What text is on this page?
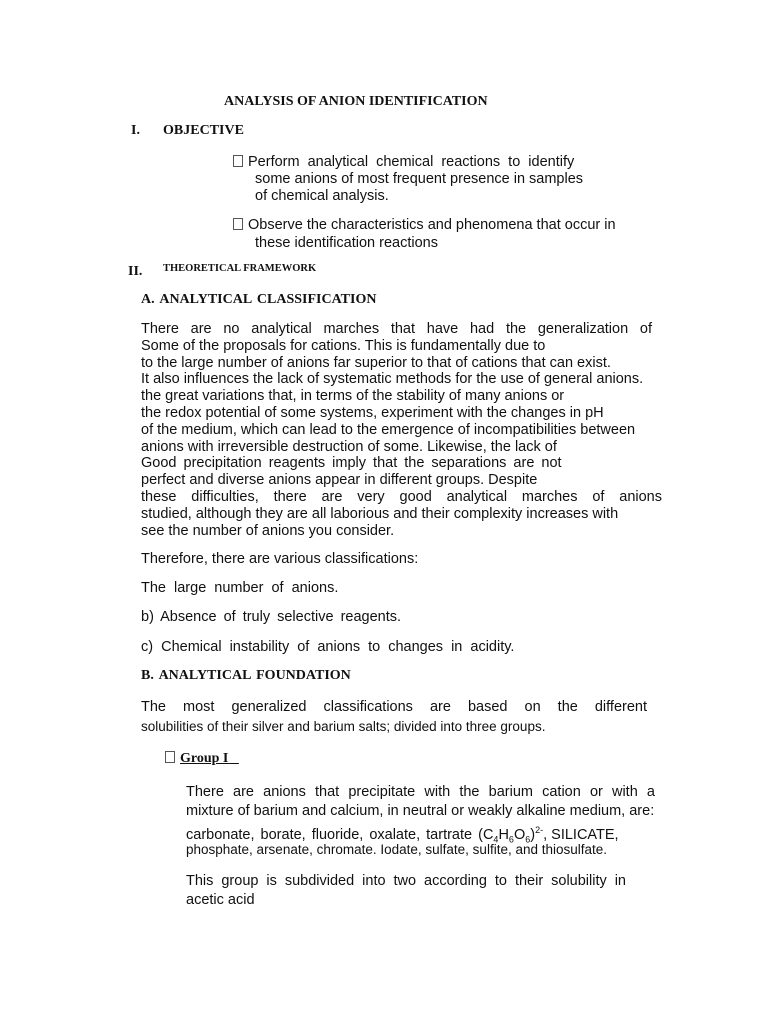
ANALYSIS OF ANION IDENTIFICATION
I. OBJECTIVE
Perform analytical chemical reactions to identify
some anions of most frequent presence in samples
of chemical analysis.
Observe the characteristics and phenomena that occur in
these identification reactions
II. THEORETICAL FRAMEWORK
A. ANALYTICAL CLASSIFICATION
There are no analytical marches that have had the generalization of
Some of the proposals for cations. This is fundamentally due to
to the large number of anions far superior to that of cations that can exist.
It also influences the lack of systematic methods for the use of general anions.
the great variations that, in terms of the stability of many anions or
the redox potential of some systems, experiment with the changes in pH
of the medium, which can lead to the emergence of incompatibilities between
anions with irreversible destruction of some. Likewise, the lack of
Good precipitation reagents imply that the separations are not
perfect and diverse anions appear in different groups. Despite
these difficulties, there are very good analytical marches of anions
studied, although they are all laborious and their complexity increases with
see the number of anions you consider.
Therefore, there are various classifications:
The large number of anions.
b) Absence of truly selective reagents.
c) Chemical instability of anions to changes in acidity.
B. ANALYTICAL FOUNDATION
The most generalized classifications are based on the different
solubilities of their silver and barium salts; divided into three groups.
Group I
There are anions that precipitate with the barium cation or with a
mixture of barium and calcium, in neutral or weakly alkaline medium, are:
carbonate, borate, fluoride, oxalate, tartrate $(C_4H_6O_6)^{2-}$, SILICATE,
phosphate, arsenate, chromate. Iodate, sulfate, sulfite, and thiosulfate.
This group is subdivided into two according to their solubility in
acetic acid
